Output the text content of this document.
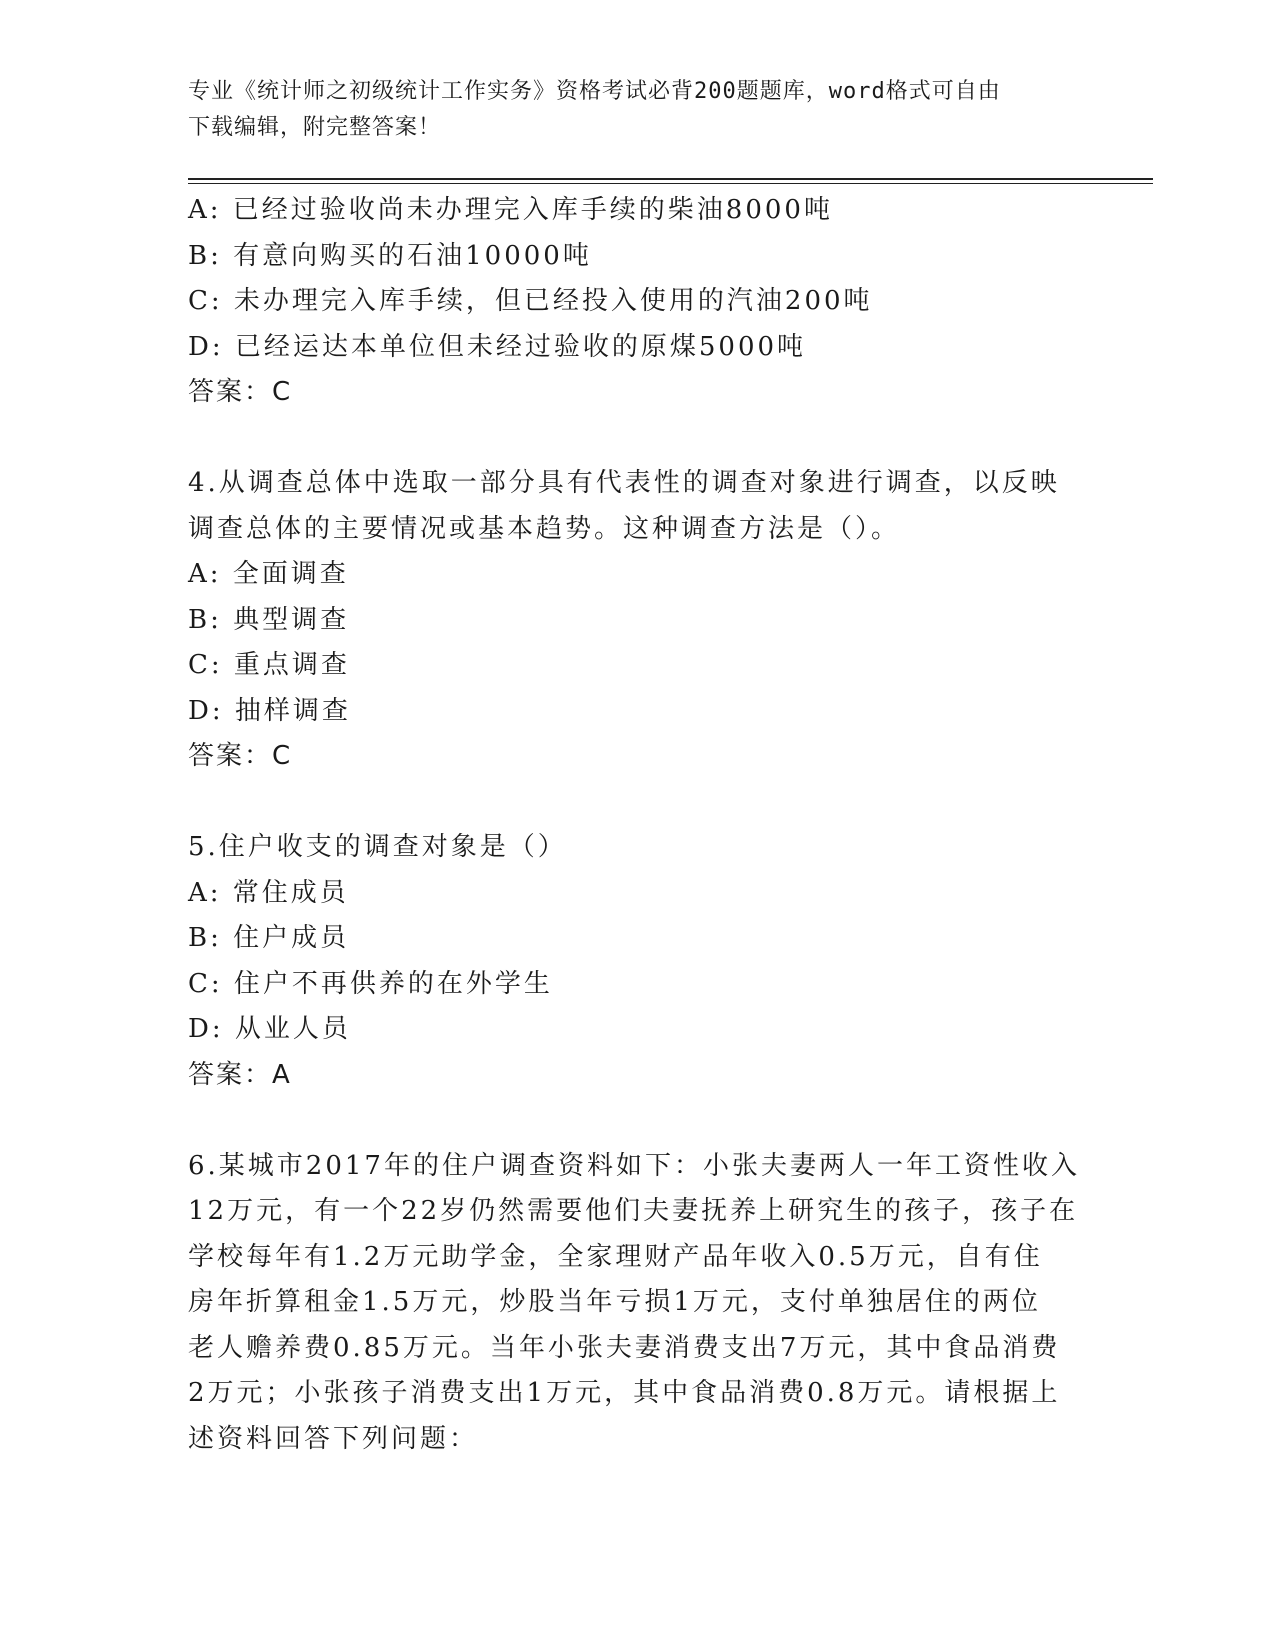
专业《统计师之初级统计工作实务》资格考试必背200题题库，word格式可自由
下载编辑，附完整答案！
A: 已经过验收尚未办理完入库手续的柴油8000吨
B: 有意向购买的石油10000吨
C: 未办理完入库手续，但已经投入使用的汽油200吨
D: 已经运达本单位但未经过验收的原煤5000吨
答案：C
4.从调查总体中选取一部分具有代表性的调查对象进行调查，以反映
调查总体的主要情况或基本趋势。这种调查方法是（）。
A: 全面调查
B: 典型调查
C: 重点调查
D: 抽样调查
答案：C
5.住户收支的调查对象是（）
A: 常住成员
B: 住户成员
C: 住户不再供养的在外学生
D: 从业人员
答案：A
6.某城市2017年的住户调查资料如下：小张夫妻两人一年工资性收入
12万元，有一个22岁仍然需要他们夫妻抚养上研究生的孩子，孩子在
学校每年有1.2万元助学金，全家理财产品年收入0.5万元，自有住
房年折算租金1.5万元，炒股当年亏损1万元，支付单独居住的两位
老人赡养费0.85万元。当年小张夫妻消费支出7万元，其中食品消费
2万元；小张孩子消费支出1万元，其中食品消费0.8万元。请根据上
述资料回答下列问题：
